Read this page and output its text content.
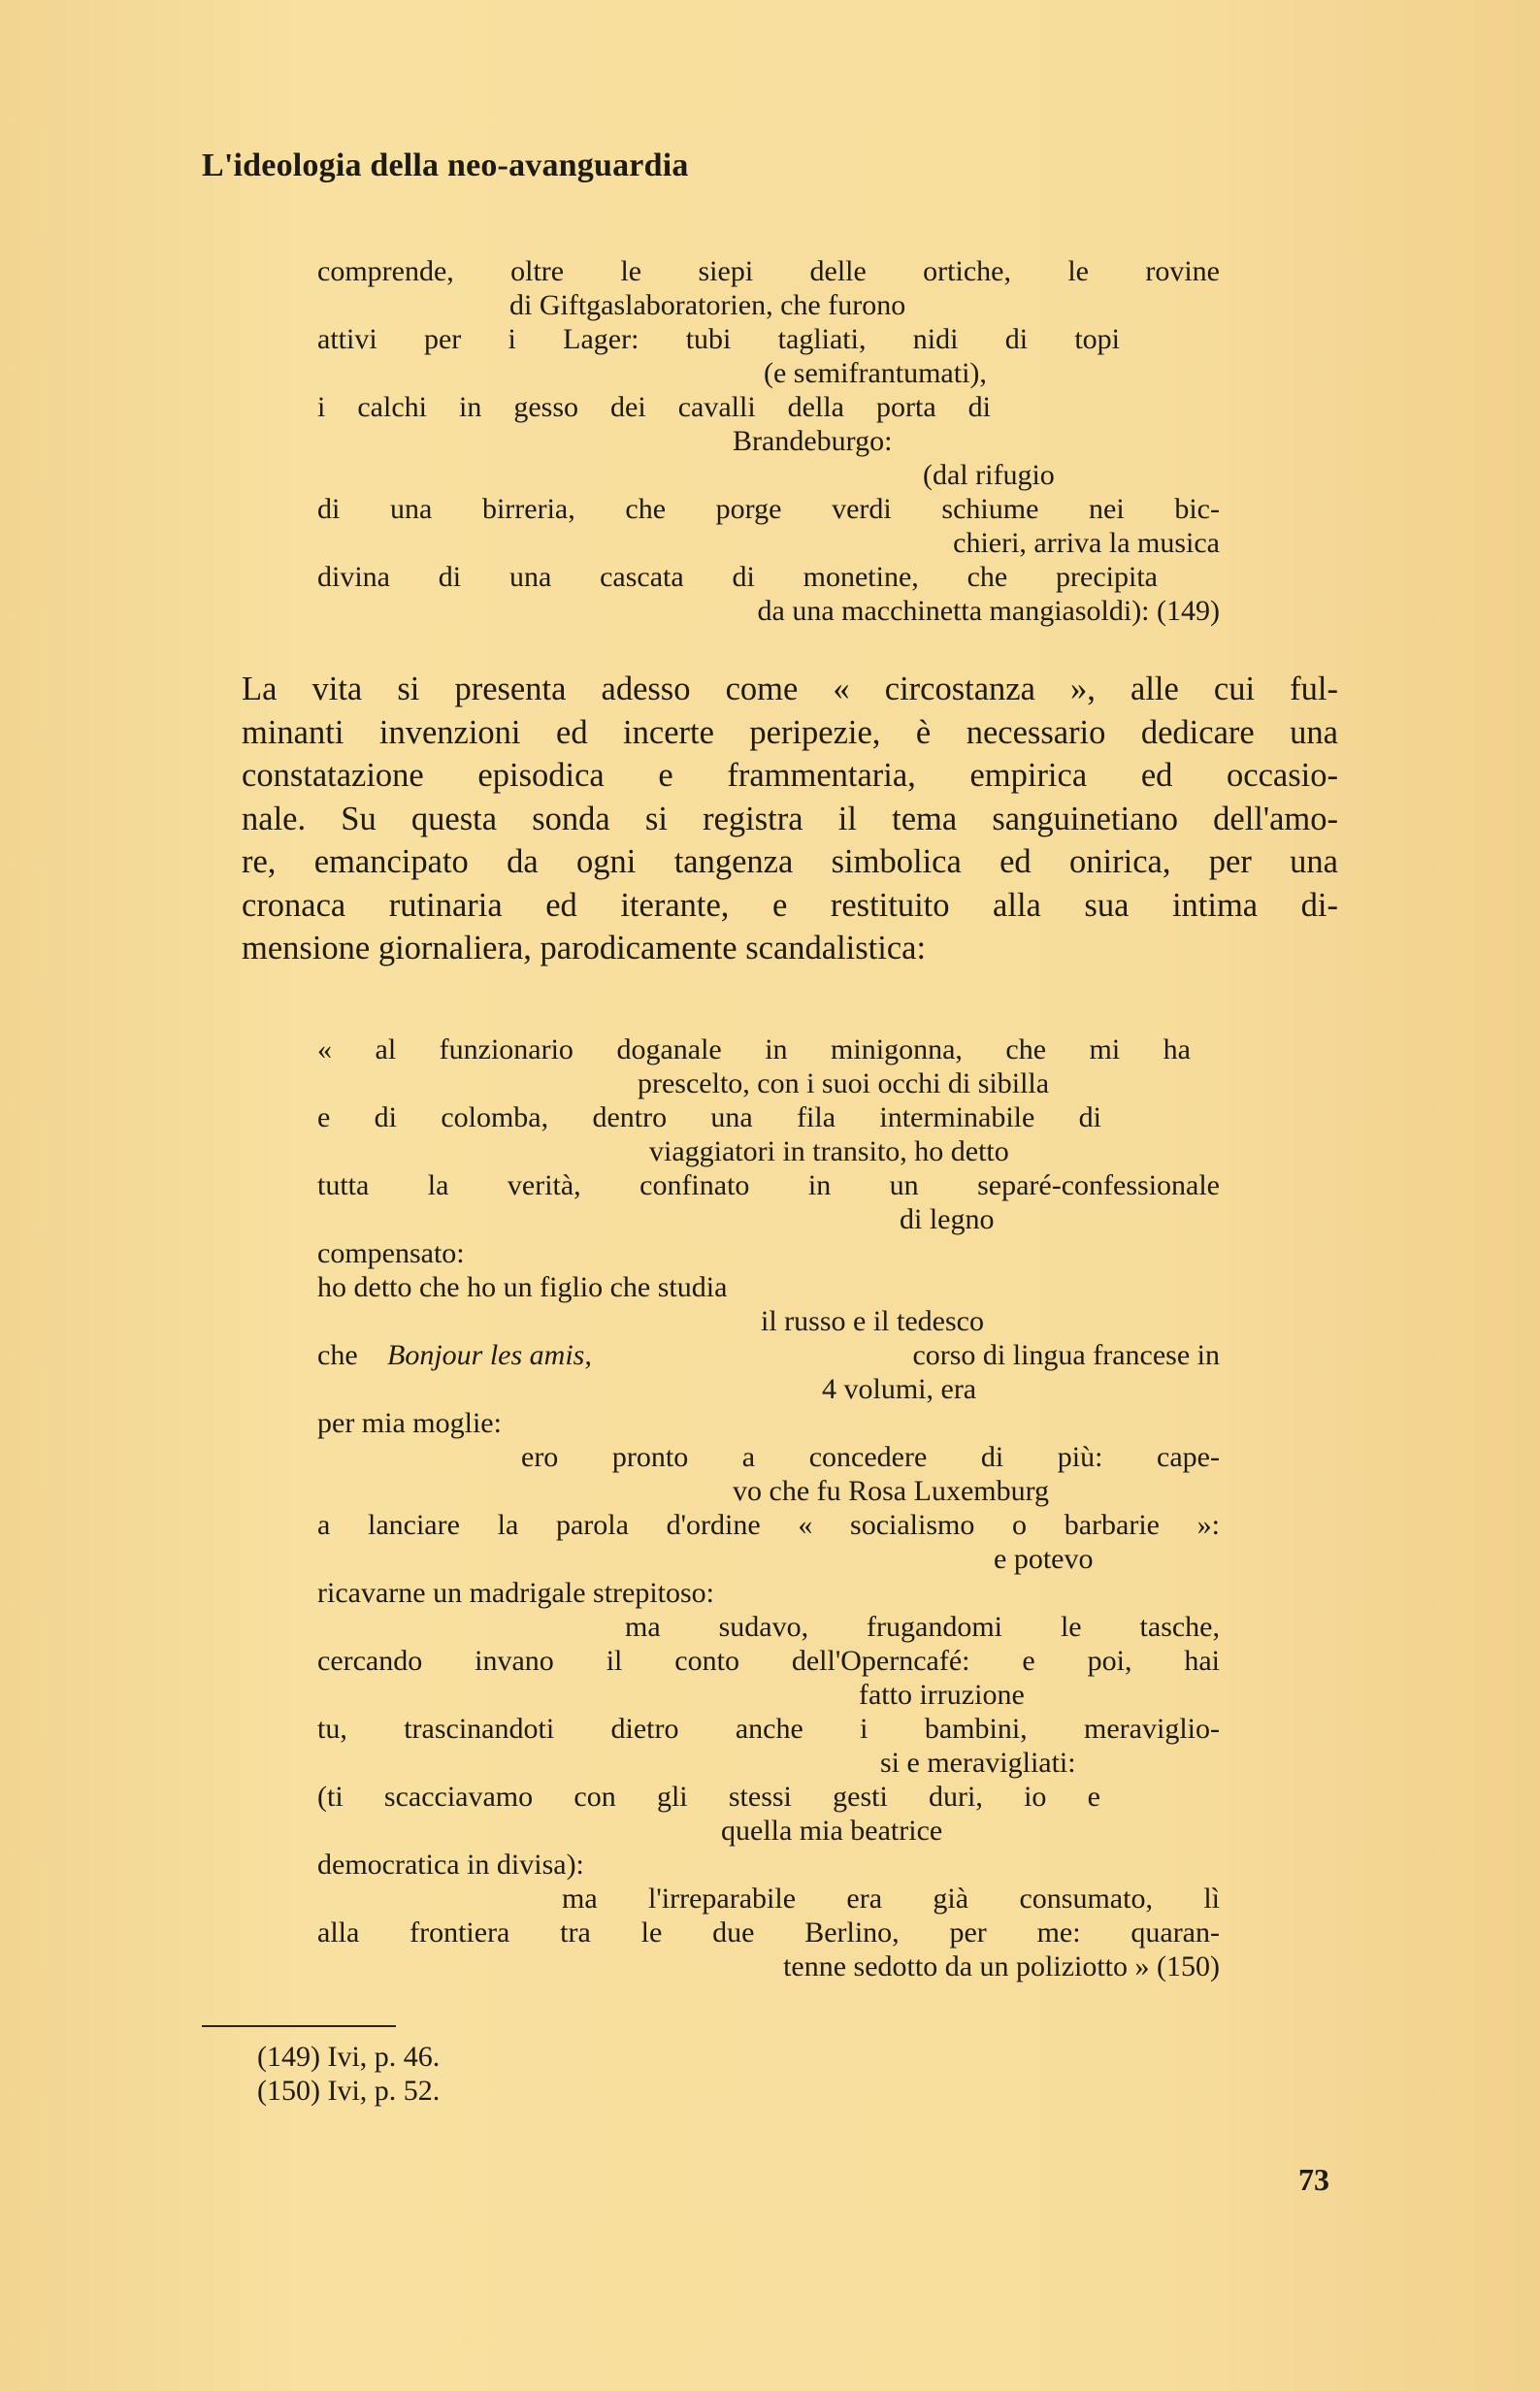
L'ideologia della neo-avanguardia
comprende, oltre le siepi delle ortiche, le rovine
di Giftgaslaboratorien, che furono
attivi per i Lager: tubi tagliati, nidi di topi
(e semifrantumati),
i calchi in gesso dei cavalli della porta di
Brandeburgo:
(dal rifugio
di una birreria, che porge verdi schiume nei bic-
chieri, arriva la musica
divina di una cascata di monetine, che precipita
da una macchinetta mangiasoldi): (149)
La vita si presenta adesso come « circostanza », alle cui ful-
minanti invenzioni ed incerte peripezie, è necessario dedicare una
constatazione episodica e frammentaria, empirica ed occasio-
nale. Su questa sonda si registra il tema sanguinetiano dell'amo-
re, emancipato da ogni tangenza simbolica ed onirica, per una
cronaca rutinaria ed iterante, e restituito alla sua intima di-
mensione giornaliera, parodicamente scandalistica:
« al funzionario doganale in minigonna, che mi ha
prescelto, con i suoi occhi di sibilla
e di colomba, dentro una fila interminabile di
viaggiatori in transito, ho detto
tutta la verità, confinato in un separé-confessionale
di legno
compensato:
ho detto che ho un figlio che studia
il russo e il tedesco
che Bonjour les amis,	corso di lingua francese in
4 volumi, era
per mia moglie:
ero pronto a concedere di più: cape-
vo che fu Rosa Luxemburg
a lanciare la parola d'ordine « socialismo o barbarie »:
e potevo
ricavarne un madrigale strepitoso:
ma sudavo, frugandomi le tasche,
cercando invano il conto dell'Operncafé: e poi, hai
fatto irruzione
tu, trascinandoti dietro anche i bambini, meraviglio-
si e meravigliati:
(ti scacciavamo con gli stessi gesti duri, io e
quella mia beatrice
democratica in divisa):
ma l'irreparabile era già consumato, lì
alla frontiera tra le due Berlino, per me: quaran-
tenne sedotto da un poliziotto » (150)
(149) Ivi, p. 46.
(150) Ivi, p. 52.
73
